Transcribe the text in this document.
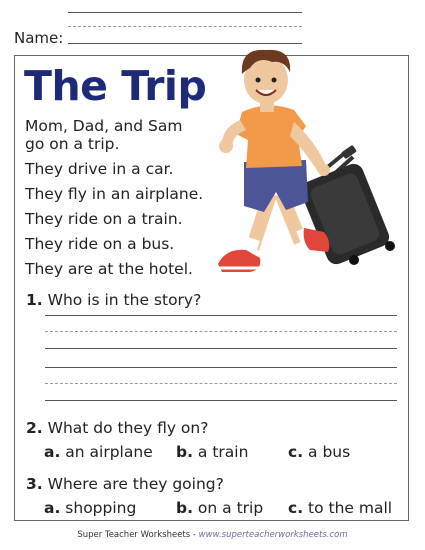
Name:
The Trip
Mom, Dad, and Sam
go on a trip.
They drive in a car.
They fly in an airplane.
They ride on a train.
They ride on a bus.
They are at the hotel.
1. Who is in the story?
2. What do they fly on?
a. an airplane b. a train	c. a bus
3. Where are they going?
a. shopping	b. on a trip c. to the mall
Super Teacher Worksheets - www.superteacherworksheets.com
